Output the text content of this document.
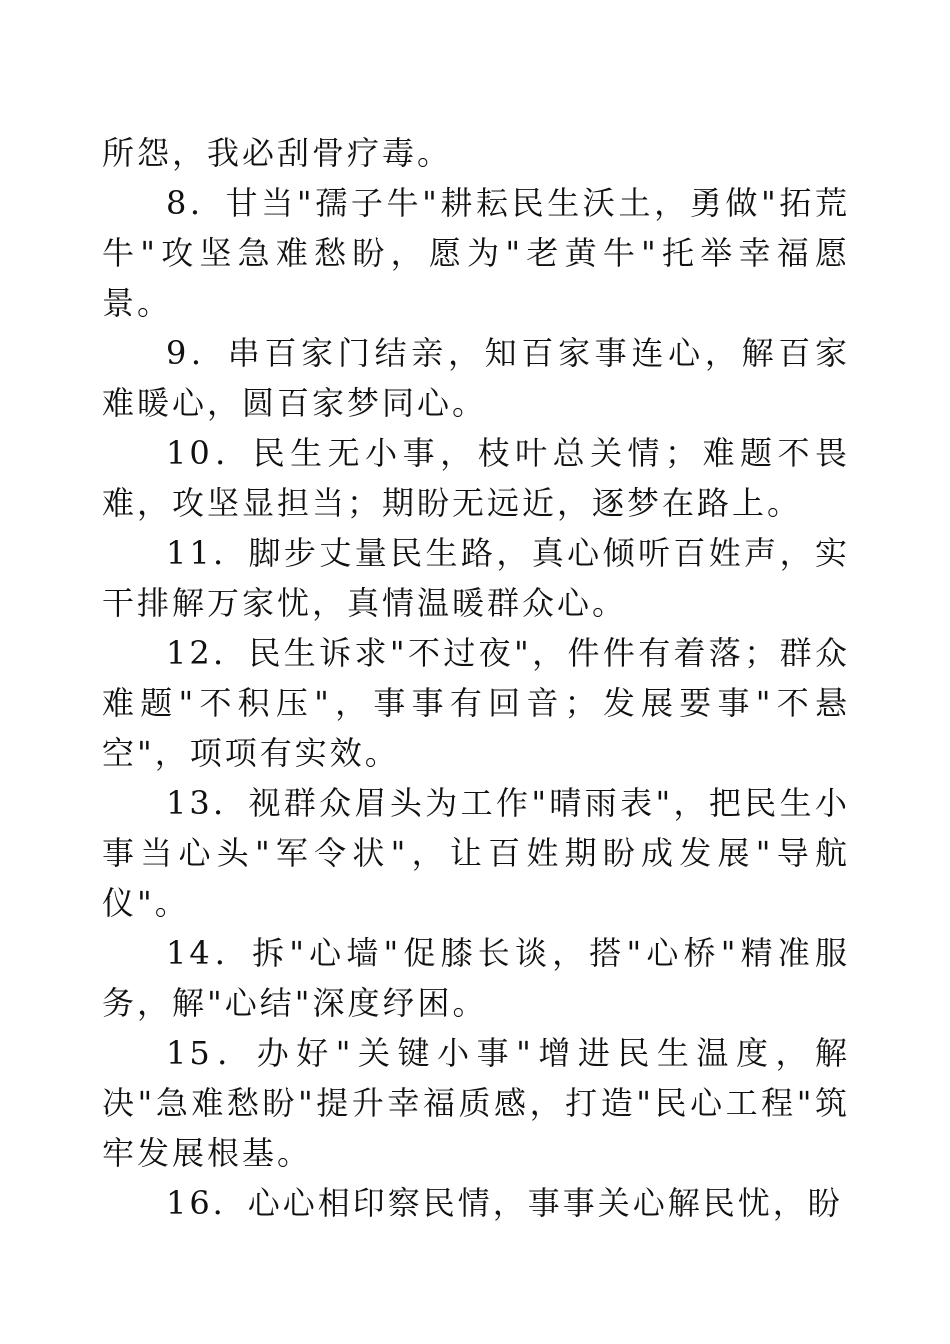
所怨，我必刮骨疗毒。

8．甘当"孺子牛"耕耘民生沃土，勇做"拓荒牛"攻坚急难愁盼，愿为"老黄牛"托举幸福愿景。

9．串百家门结亲，知百家事连心，解百家难暖心，圆百家梦同心。

10．民生无小事，枝叶总关情；难题不畏难，攻坚显担当；期盼无远近，逐梦在路上。

11．脚步丈量民生路，真心倾听百姓声，实干排解万家忧，真情温暖群众心。

12．民生诉求"不过夜"，件件有着落；群众难题"不积压"，事事有回音；发展要事"不悬空"，项项有实效。

13．视群众眉头为工作"晴雨表"，把民生小事当心头"军令状"，让百姓期盼成发展"导航仪"。

14．拆"心墙"促膝长谈，搭"心桥"精准服务，解"心结"深度纾困。

15．办好"关键小事"增进民生温度，解决"急难愁盼"提升幸福质感，打造"民心工程"筑牢发展根基。

16．心心相印察民情，事事关心解民忧，盼
